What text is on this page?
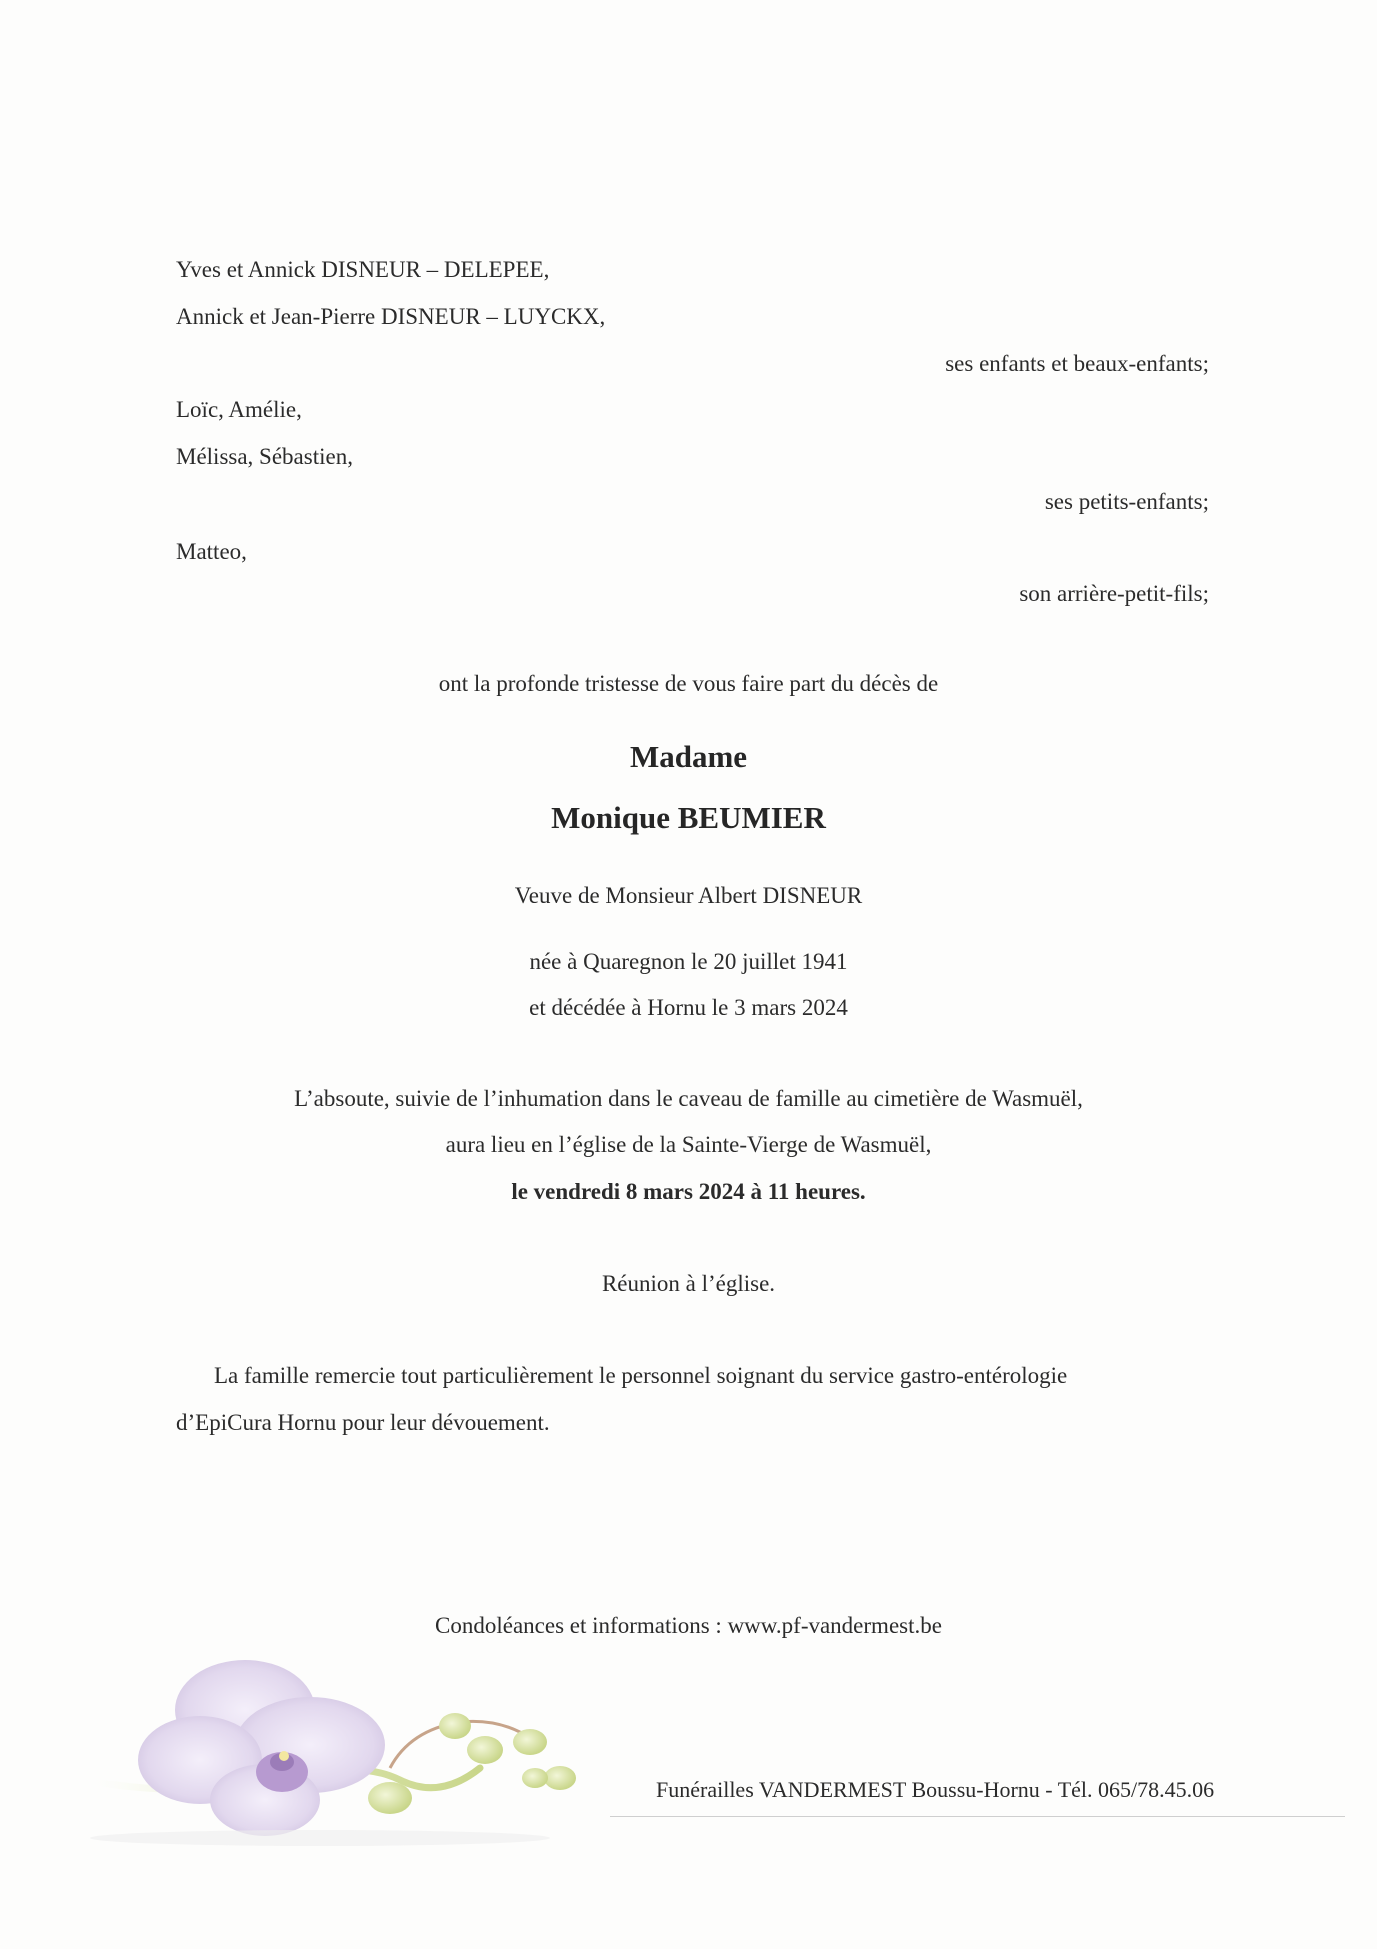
Yves et Annick DISNEUR – DELEPEE,
Annick et Jean-Pierre DISNEUR – LUYCKX,
ses enfants et beaux-enfants;
Loïc, Amélie,
Mélissa, Sébastien,
ses petits-enfants;
Matteo,
son arrière-petit-fils;
ont la profonde tristesse de vous faire part du décès de
Madame
Monique BEUMIER
Veuve de Monsieur Albert DISNEUR
née à Quaregnon le 20 juillet 1941
et décédée à Hornu le 3 mars 2024
L’absoute, suivie de l’inhumation dans le caveau de famille au cimetière de Wasmuël,
aura lieu en l’église de la Sainte-Vierge de Wasmuël,
le vendredi 8 mars 2024 à 11 heures.
Réunion à l’église.
La famille remercie tout particulièrement le personnel soignant du service gastro-entérologie
d’EpiCura Hornu pour leur dévouement.
Condoléances et informations : www.pf-vandermest.be
Funérailles VANDERMEST Boussu-Hornu - Tél. 065/78.45.06
